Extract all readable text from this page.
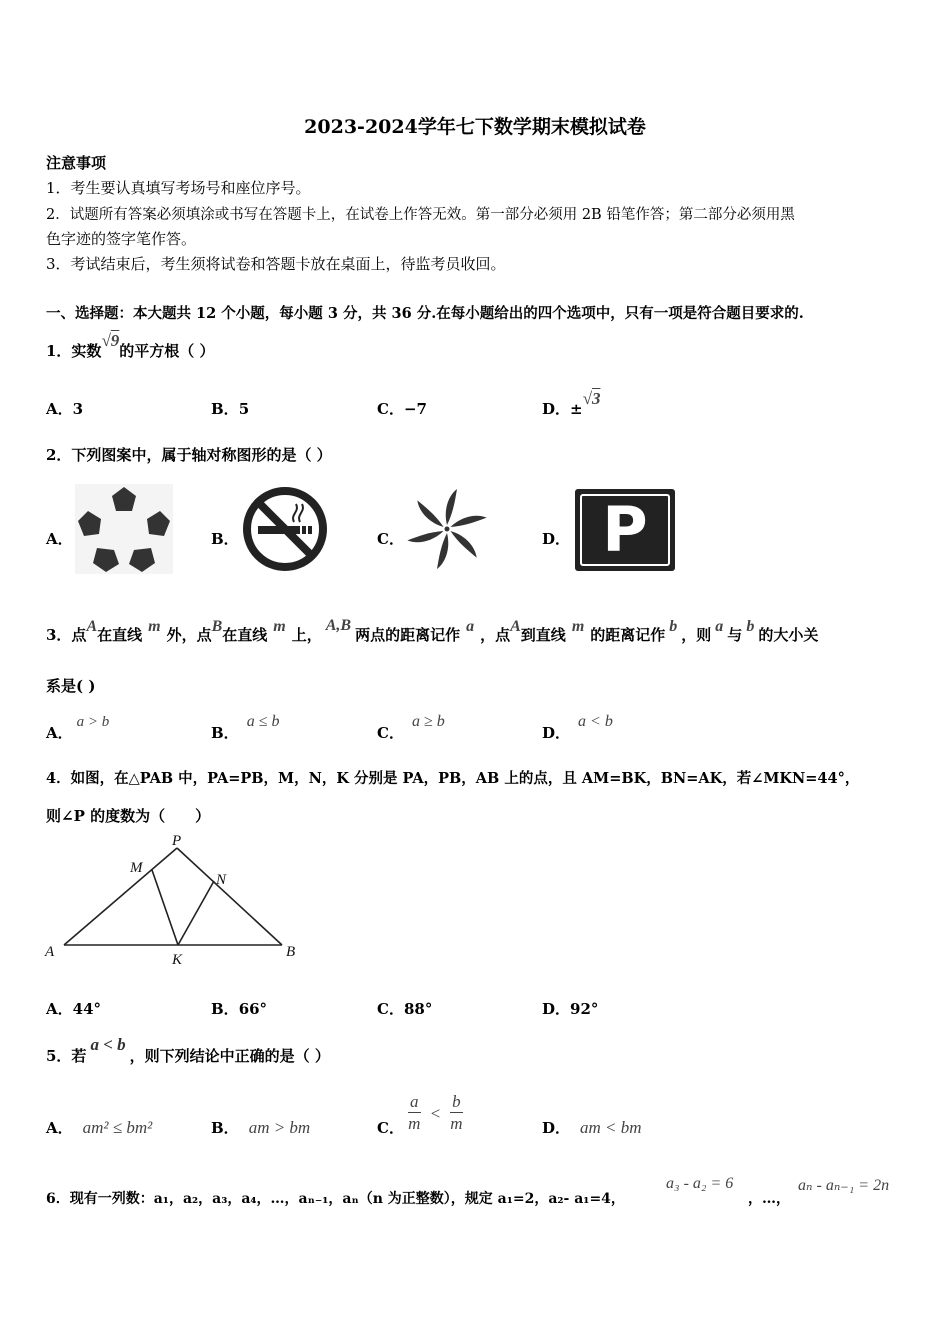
2023-2024学年七下数学期末模拟试卷
注意事项
1．考生要认真填写考场号和座位序号。
2．试题所有答案必须填涂或书写在答题卡上，在试卷上作答无效。第一部分必须用 2B 铅笔作答；第二部分必须用黑
色字迹的签字笔作答。
3．考试结束后，考生须将试卷和答题卡放在桌面上，待监考员收回。
一、选择题：本大题共 12 个小题，每小题 3 分，共 36 分.在每小题给出的四个选项中，只有一项是符合题目要求的.
1．实数√9的平方根（ ）
A．3	B．5	C．−7	D．±√3
2．下列图案中，属于轴对称图形的是（ ）
A．	B．	C．	D． P
3．点A在直线 m 外，点B在直线 m 上，A,B两点的距离记作 a ，点A到直线 m 的距离记作 b ，则 a 与 b 的大小关
系是( )
A．a > b
B．a ≤ b
C．a ≥ b
D．a < b
4．如图，在△PAB 中，PA=PB，M，N，K 分别是 PA，PB，AB 上的点，且 AM=BK，BN=AK，若∠MKN=44°，
则∠P 的度数为（　　）
P
M
N
A	K	B
A．44°	B．66°	C．88°	D．92°
5．若a < b，则下列结论中正确的是（ ）
A． am² ≤ bm²	B． am > bm	C． $\frac{a}{m} < \frac{b}{m}$	D． am < bm
6．现有一列数：a₁，a₂，a₃，a₄，…，aₙ₋₁，aₙ（n 为正整数），规定 a₁=2，a₂- a₁=4，
a₃ - a₂ = 6
，…，
aₙ - aₙ₋₁ = 2n
